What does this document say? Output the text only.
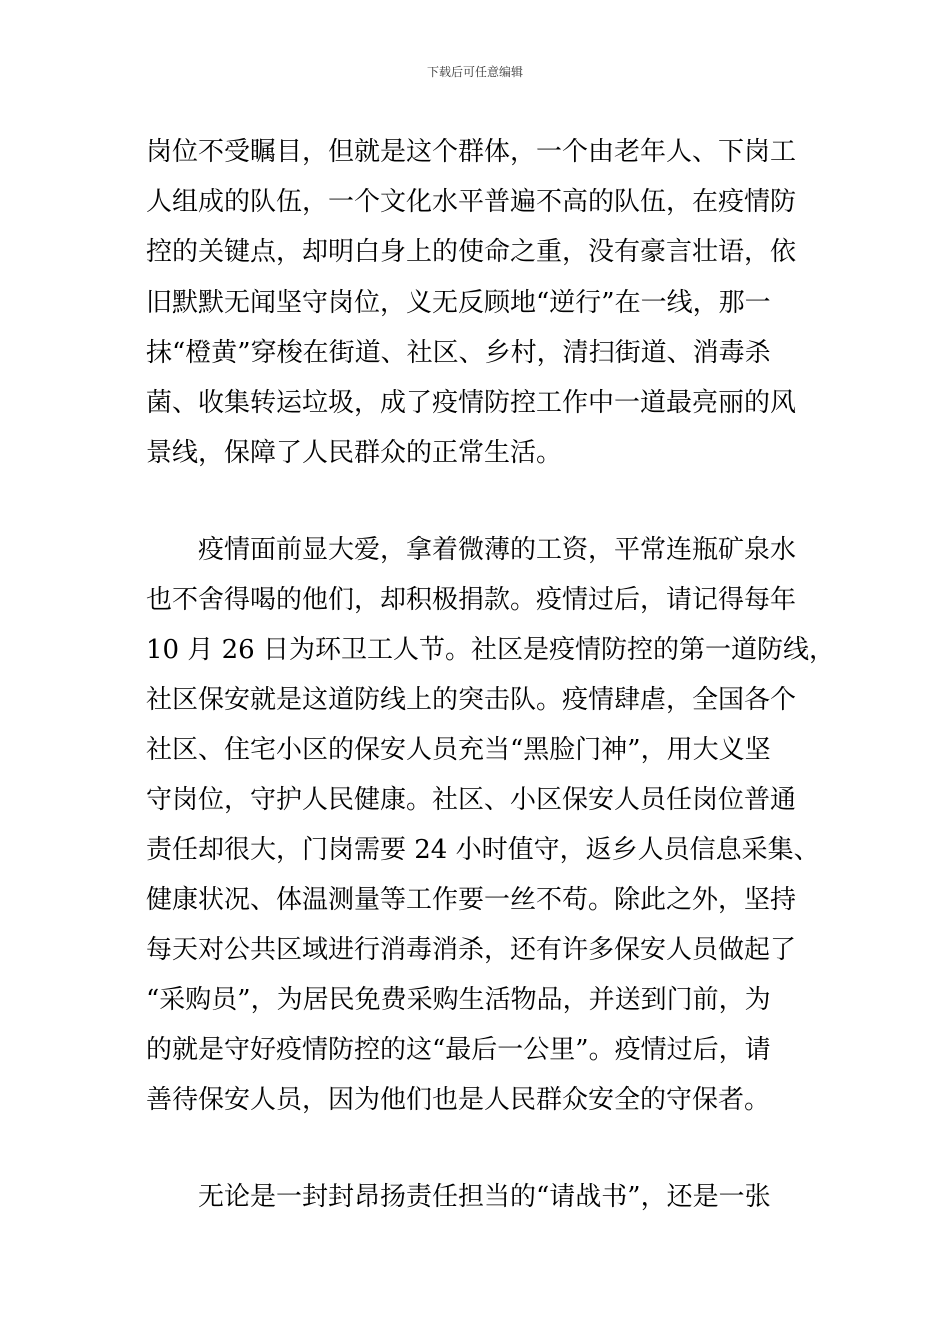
下载后可任意编辑
岗位不受瞩目，但就是这个群体，一个由老年人、下岗工
人组成的队伍，一个文化水平普遍不高的队伍，在疫情防
控的关键点，却明白身上的使命之重，没有豪言壮语，依
旧默默无闻坚守岗位，义无反顾地“逆行”在一线，那一
抹“橙黄”穿梭在街道、社区、乡村，清扫街道、消毒杀
菌、收集转运垃圾，成了疫情防控工作中一道最亮丽的风
景线，保障了人民群众的正常生活。
疫情面前显大爱，拿着微薄的工资，平常连瓶矿泉水
也不舍得喝的他们，却积极捐款。疫情过后，请记得每年
10 月 26 日为环卫工人节。社区是疫情防控的第一道防线，
社区保安就是这道防线上的突击队。疫情肆虐，全国各个
社区、住宅小区的保安人员充当“黑脸门神”，用大义坚
守岗位，守护人民健康。社区、小区保安人员任岗位普通
责任却很大，门岗需要 24 小时值守，返乡人员信息采集、
健康状况、体温测量等工作要一丝不苟。除此之外，坚持
每天对公共区域进行消毒消杀，还有许多保安人员做起了
“采购员”，为居民免费采购生活物品，并送到门前，为
的就是守好疫情防控的这“最后一公里”。疫情过后，请
善待保安人员，因为他们也是人民群众安全的守保者。
无论是一封封昂扬责任担当的“请战书”，还是一张
